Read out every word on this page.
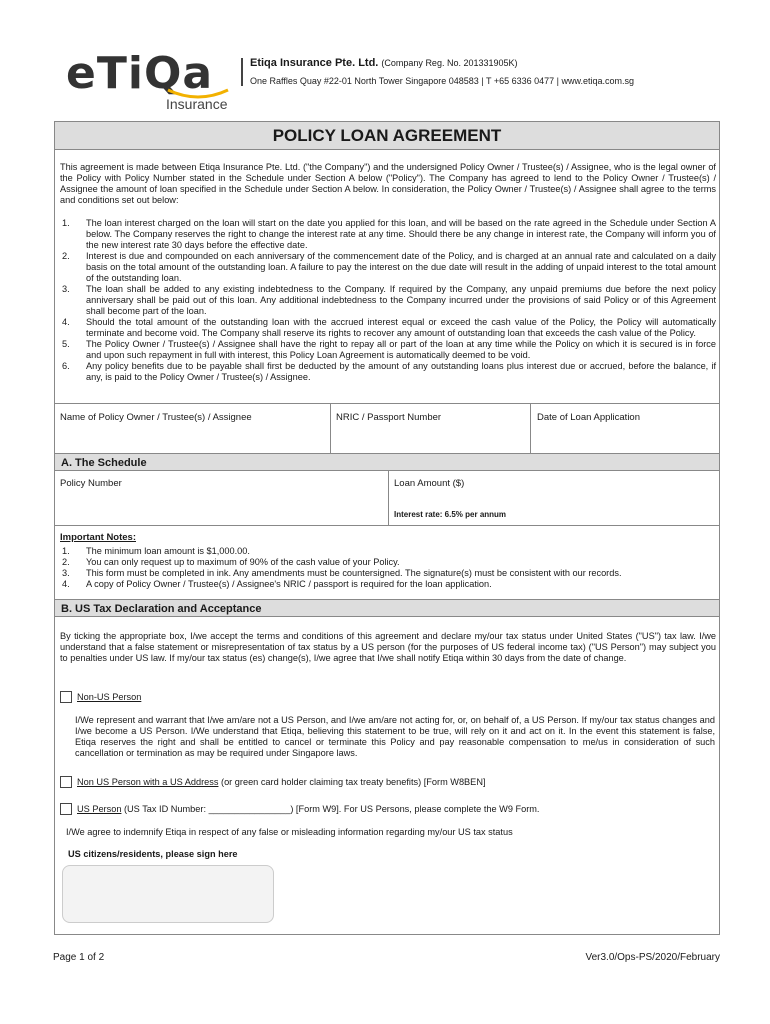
eTiQa
Insurance
Etiqa Insurance Pte. Ltd. (Company Reg. No. 201331905K)
One Raffles Quay #22-01 North Tower Singapore 048583 | T +65 6336 0477 | www.etiqa.com.sg
POLICY LOAN AGREEMENT
This agreement is made between Etiqa Insurance Pte. Ltd. ("the Company") and the undersigned Policy Owner / Trustee(s) / Assignee, who is the legal owner of the Policy with Policy Number stated in the Schedule under Section A below ("Policy"). The Company has agreed to lend to the Policy Owner / Trustee(s) / Assignee the amount of loan specified in the Schedule under Section A below. In consideration, the Policy Owner / Trustee(s) / Assignee shall agree to the terms and conditions set out below:
1. The loan interest charged on the loan will start on the date you applied for this loan, and will be based on the rate agreed in the Schedule under Section A below. The Company reserves the right to change the interest rate at any time. Should there be any change in interest rate, the Company will inform you of the new interest rate 30 days before the effective date.
2. Interest is due and compounded on each anniversary of the commencement date of the Policy, and is charged at an annual rate and calculated on a daily basis on the total amount of the outstanding loan. A failure to pay the interest on the due date will result in the adding of unpaid interest to the total amount of the outstanding loan.
3. The loan shall be added to any existing indebtedness to the Company. If required by the Company, any unpaid premiums due before the next policy anniversary shall be paid out of this loan. Any additional indebtedness to the Company incurred under the provisions of said Policy or of this Agreement shall become part of the loan.
4. Should the total amount of the outstanding loan with the accrued interest equal or exceed the cash value of the Policy, the Policy will automatically terminate and become void. The Company shall reserve its rights to recover any amount of outstanding loan that exceeds the cash value of the Policy.
5. The Policy Owner / Trustee(s) / Assignee shall have the right to repay all or part of the loan at any time while the Policy on which it is secured is in force and upon such repayment in full with interest, this Policy Loan Agreement is automatically deemed to be void.
6. Any policy benefits due to be payable shall first be deducted by the amount of any outstanding loans plus interest due or accrued, before the balance, if any, is paid to the Policy Owner / Trustee(s) / Assignee.
Name of Policy Owner / Trustee(s) / Assignee	NRIC / Passport Number	Date of Loan Application
A. The Schedule
Policy Number	Loan Amount ($)
Interest rate: 6.5% per annum
Important Notes:
1. The minimum loan amount is $1,000.00.
2. You can only request up to maximum of 90% of the cash value of your Policy.
3. This form must be completed in ink. Any amendments must be countersigned. The signature(s) must be consistent with our records.
4. A copy of Policy Owner / Trustee(s) / Assignee's NRIC / passport is required for the loan application.
B. US Tax Declaration and Acceptance
By ticking the appropriate box, I/we accept the terms and conditions of this agreement and declare my/our tax status under United States ("US") tax law. I/we understand that a false statement or misrepresentation of tax status by a US person (for the purposes of US federal income tax) ("US Person") may subject you to penalties under US law. If my/our tax status (es) change(s), I/we agree that I/we shall notify Etiqa within 30 days from the date of change.
Non-US Person
I/We represent and warrant that I/we am/are not a US Person, and I/we am/are not acting for, or, on behalf of, a US Person. If my/our tax status changes and I/we become a US Person. I/We understand that Etiqa, believing this statement to be true, will rely on it and act on it. In the event this statement is false, Etiqa reserves the right and shall be entitled to cancel or terminate this Policy and pay reasonable compensation to me/us in consideration of such cancellation or termination as may be required under Singapore laws.
Non US Person with a US Address (or green card holder claiming tax treaty benefits) [Form W8BEN]
US Person (US Tax ID Number: ________________) [Form W9]. For US Persons, please complete the W9 Form.
I/We agree to indemnify Etiqa in respect of any false or misleading information regarding my/our US tax status
US citizens/residents, please sign here
Page 1 of 2	Ver3.0/Ops-PS/2020/February
